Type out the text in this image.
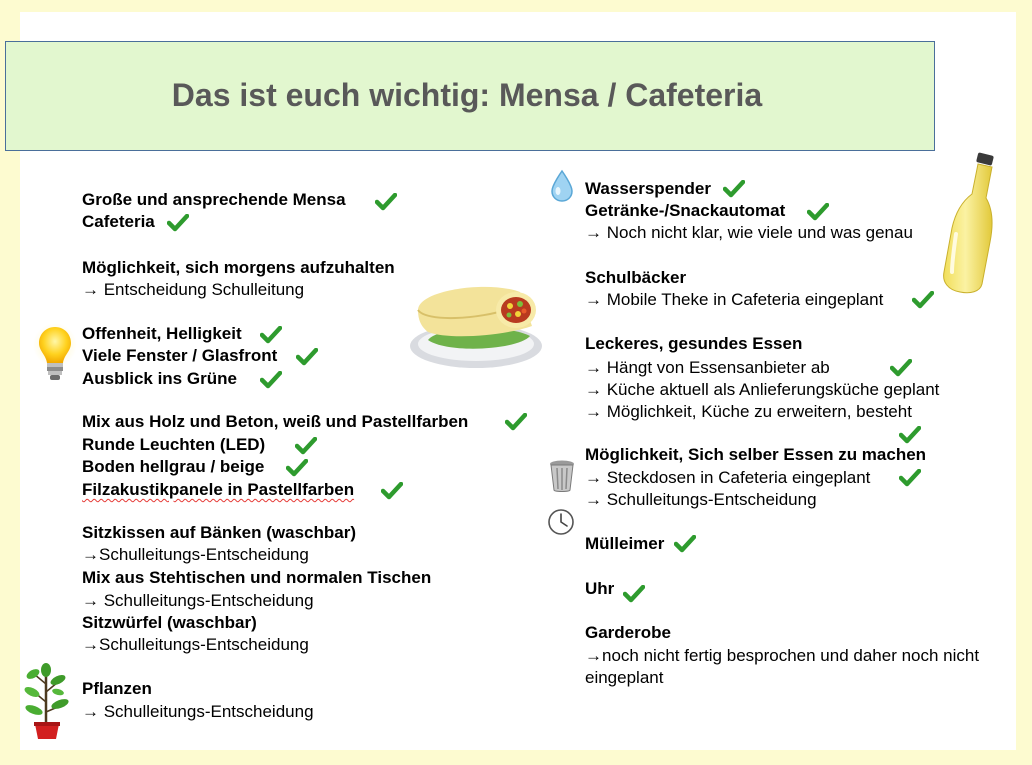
Das ist euch wichtig: Mensa / Cafeteria
Große und ansprechende Mensa
Cafeteria
Möglichkeit, sich morgens aufzuhalten
→ Entscheidung Schulleitung
Offenheit, Helligkeit
Viele Fenster / Glasfront
Ausblick ins Grüne
Mix aus Holz und Beton, weiß und Pastellfarben
Runde Leuchten (LED)
Boden hellgrau / beige
Filzakustikpanele in Pastellfarben
Sitzkissen auf Bänken (waschbar)
→Schulleitungs-Entscheidung
Mix aus Stehtischen und normalen Tischen
→ Schulleitungs-Entscheidung
Sitzwürfel (waschbar)
→Schulleitungs-Entscheidung
Pflanzen
→ Schulleitungs-Entscheidung
Wasserspender
Getränke-/Snackautomat
→ Noch nicht klar, wie viele und was genau
Schulbäcker
→ Mobile Theke in Cafeteria eingeplant
Leckeres, gesundes Essen
→ Hängt von Essensanbieter ab
→ Küche aktuell als Anlieferungsküche geplant
→ Möglichkeit, Küche zu erweitern, besteht
Möglichkeit, Sich selber Essen zu machen
→ Steckdosen in Cafeteria eingeplant
→ Schulleitungs-Entscheidung
Mülleimer
Uhr
Garderobe
→noch nicht fertig besprochen und daher noch nicht
eingeplant
